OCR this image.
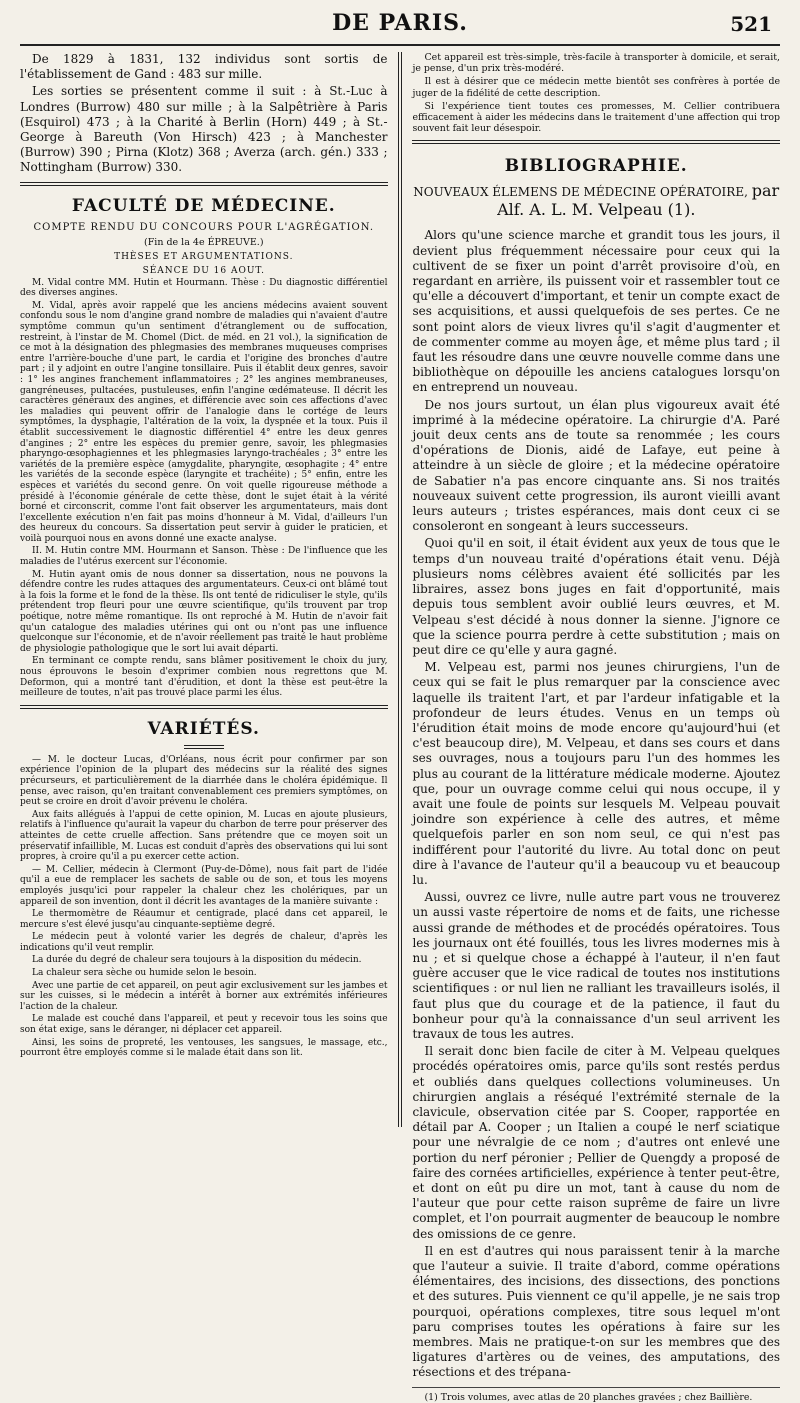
DE PARIS.	521

De 1829 à 1831, 132 individus sont sortis de l'établissement de Gand : 483 sur mille.

Les sorties se présentent comme il suit : à St.-Luc à Londres (Burrow) 480 sur mille ; à la Salpêtrière à Paris (Esquirol) 473 ; à la Charité à Berlin (Horn) 449 ; à St.-George à Bareuth (Von Hirsch) 423 ; à Manchester (Burrow) 390 ; Pirna (Klotz) 368 ; Averza (arch. gén.) 333 ; Nottingham (Burrow) 330.

FACULTÉ DE MÉDECINE.
COMPTE RENDU DU CONCOURS POUR L'AGRÉGATION.
(Fin de la 4e ÉPREUVE.)
THÈSES ET ARGUMENTATIONS.
SÉANCE DU 16 AOUT.

M. Vidal contre MM. Hutin et Hourmann. Thèse : Du diagnostic différentiel des diverses angines.

M. Vidal, après avoir rappelé que les anciens médecins avaient souvent confondu sous le nom d'angine grand nombre de maladies qui n'avaient d'autre symptôme commun qu'un sentiment d'étranglement ou de suffocation, restreint, à l'instar de M. Chomel (Dict. de méd. en 21 vol.), la signification de ce mot à la désignation des phlegmasies des membranes muqueuses comprises entre l'arrière-bouche d'une part, le cardia et l'origine des bronches d'autre part ; il y adjoint en outre l'angine tonsillaire. Puis il établit deux genres, savoir : 1° les angines franchement inflammatoires ; 2° les angines membraneuses, gangréneuses, pultacées, pustuleuses, enfin l'angine œdémateuse. Il décrit les caractères généraux des angines, et différencie avec soin ces affections d'avec les maladies qui peuvent offrir de l'analogie dans le cortége de leurs symptômes, la dysphagie, l'altération de la voix, la dyspnée et la toux. Puis il établit successivement le diagnostic différentiel 4° entre les deux genres d'angines ; 2° entre les espèces du premier genre, savoir, les phlegmasies pharyngo-œsophagiennes et les phlegmasies laryngo-trachéales ; 3° entre les variétés de la première espèce (amygdalite, pharyngite, œsophagite ; 4° entre les variétés de la seconde espèce (laryngite et trachéite) ; 5° enfin, entre les espèces et variétés du second genre. On voit quelle rigoureuse méthode a présidé à l'économie générale de cette thèse, dont le sujet était à la vérité borné et circonscrit, comme l'ont fait observer les argumentateurs, mais dont l'excellente exécution n'en fait pas moins d'honneur à M. Vidal, d'ailleurs l'un des heureux du concours. Sa dissertation peut servir à guider le praticien, et voilà pourquoi nous en avons donné une exacte analyse.

II. M. Hutin contre MM. Hourmann et Sanson. Thèse : De l'influence que les maladies de l'utérus exercent sur l'économie.

M. Hutin ayant omis de nous donner sa dissertation, nous ne pouvons la défendre contre les rudes attaques des argumentateurs. Ceux-ci ont blâmé tout à la fois la forme et le fond de la thèse. Ils ont tenté de ridiculiser le style, qu'ils prétendent trop fleuri pour une œuvre scientifique, qu'ils trouvent par trop poétique, notre même romantique. Ils ont reproché à M. Hutin de n'avoir fait qu'un catalogue des maladies utérines qui ont ou n'ont pas une influence quelconque sur l'économie, et de n'avoir réellement pas traité le haut problème de physiologie pathologique que le sort lui avait départi.

En terminant ce compte rendu, sans blâmer positivement le choix du jury, nous éprouvons le besoin d'exprimer combien nous regrettons que M. Deformon, qui a montré tant d'érudition, et dont la thèse est peut-être la meilleure de toutes, n'ait pas trouvé place parmi les élus.

VARIÉTÉS.

— M. le docteur Lucas, d'Orléans, nous écrit pour confirmer par son expérience l'opinion de la plupart des médecins sur la réalité des signes précurseurs, et particulièrement de la diarrhée dans le choléra épidémique. Il pense, avec raison, qu'en traitant convenablement ces premiers symptômes, on peut se croire en droit d'avoir prévenu le choléra.

Aux faits allégués à l'appui de cette opinion, M. Lucas en ajoute plusieurs, relatifs à l'influence qu'aurait la vapeur du charbon de terre pour préserver des atteintes de cette cruelle affection. Sans prétendre que ce moyen soit un préservatif infaillible, M. Lucas est conduit d'après des observations qui lui sont propres, à croire qu'il a pu exercer cette action.

— M. Cellier, médecin à Clermont (Puy-de-Dôme), nous fait part de l'idée qu'il a eue de remplacer les sachets de sable ou de son, et tous les moyens employés jusqu'ici pour rappeler la chaleur chez les cholériques, par un appareil de son invention, dont il décrit les avantages de la manière suivante :

Le thermomètre de Réaumur et centigrade, placé dans cet appareil, le mercure s'est élevé jusqu'au cinquante-septième degré.

Le médecin peut à volonté varier les degrés de chaleur, d'après les indications qu'il veut remplir.

La durée du degré de chaleur sera toujours à la disposition du médecin.

La chaleur sera sèche ou humide selon le besoin.

Avec une partie de cet appareil, on peut agir exclusivement sur les jambes et sur les cuisses, si le médecin a intérêt à borner aux extrémités inférieures l'action de la chaleur.

Le malade est couché dans l'appareil, et peut y recevoir tous les soins que son état exige, sans le déranger, ni déplacer cet appareil.

Ainsi, les soins de propreté, les ventouses, les sangsues, le massage, etc., pourront être employés comme si le malade était dans son lit.

Cet appareil est très-simple, très-facile à transporter à domicile, et serait, je pense, d'un prix très-modéré.

Il est à désirer que ce médecin mette bientôt ses confrères à portée de juger de la fidélité de cette description.

Si l'expérience tient toutes ces promesses, M. Cellier contribuera efficacement à aider les médecins dans le traitement d'une affection qui trop souvent fait leur désespoir.

BIBLIOGRAPHIE.
NOUVEAUX ÉLEMENS DE MÉDECINE OPÉRATOIRE, par Alf. A. L. M. Velpeau (1).

Alors qu'une science marche et grandit tous les jours, il devient plus fréquemment nécessaire pour ceux qui la cultivent de se fixer un point d'arrêt provisoire d'où, en regardant en arrière, ils puissent voir et rassembler tout ce qu'elle a découvert d'important, et tenir un compte exact de ses acquisitions, et aussi quelquefois de ses pertes. Ce ne sont point alors de vieux livres qu'il s'agit d'augmenter et de commenter comme au moyen âge, et même plus tard ; il faut les résoudre dans une œuvre nouvelle comme dans une bibliothèque on dépouille les anciens catalogues lorsqu'on en entreprend un nouveau.

De nos jours surtout, un élan plus vigoureux avait été imprimé à la médecine opératoire. La chirurgie d'A. Paré jouit deux cents ans de toute sa renommée ; les cours d'opérations de Dionis, aidé de Lafaye, eut peine à atteindre à un siècle de gloire ; et la médecine opératoire de Sabatier n'a pas encore cinquante ans. Si nos traités nouveaux suivent cette progression, ils auront vieilli avant leurs auteurs ; tristes espérances, mais dont ceux ci se consoleront en songeant à leurs successeurs.

Quoi qu'il en soit, il était évident aux yeux de tous que le temps d'un nouveau traité d'opérations était venu. Déjà plusieurs noms célèbres avaient été sollicités par les libraires, assez bons juges en fait d'opportunité, mais depuis tous semblent avoir oublié leurs œuvres, et M. Velpeau s'est décidé à nous donner la sienne. J'ignore ce que la science pourra perdre à cette substitution ; mais on peut dire ce qu'elle y aura gagné.

M. Velpeau est, parmi nos jeunes chirurgiens, l'un de ceux qui se fait le plus remarquer par la conscience avec laquelle ils traitent l'art, et par l'ardeur infatigable et la profondeur de leurs études. Venus en un temps où l'érudition était moins de mode encore qu'aujourd'hui (et c'est beaucoup dire), M. Velpeau, et dans ses cours et dans ses ouvrages, nous a toujours paru l'un des hommes les plus au courant de la littérature médicale moderne. Ajoutez que, pour un ouvrage comme celui qui nous occupe, il y avait une foule de points sur lesquels M. Velpeau pouvait joindre son expérience à celle des autres, et même quelquefois parler en son nom seul, ce qui n'est pas indifférent pour l'autorité du livre. Au total donc on peut dire à l'avance de l'auteur qu'il a beaucoup vu et beaucoup lu.

Aussi, ouvrez ce livre, nulle autre part vous ne trouverez un aussi vaste répertoire de noms et de faits, une richesse aussi grande de méthodes et de procédés opératoires. Tous les journaux ont été fouillés, tous les livres modernes mis à nu ; et si quelque chose a échappé à l'auteur, il n'en faut guère accuser que le vice radical de toutes nos institutions scientifiques : or nul lien ne ralliant les travailleurs isolés, il faut plus que du courage et de la patience, il faut du bonheur pour qu'à la connaissance d'un seul arrivent les travaux de tous les autres.

Il serait donc bien facile de citer à M. Velpeau quelques procédés opératoires omis, parce qu'ils sont restés perdus et oubliés dans quelques collections volumineuses. Un chirurgien anglais a réséqué l'extrémité sternale de la clavicule, observation citée par S. Cooper, rapportée en détail par A. Cooper ; un Italien a coupé le nerf sciatique pour une névralgie de ce nom ; d'autres ont enlevé une portion du nerf péronier ; Pellier de Quengdy a proposé de faire des cornées artificielles, expérience à tenter peut-être, et dont on eût pu dire un mot, tant à cause du nom de l'auteur que pour cette raison suprême de faire un livre complet, et l'on pourrait augmenter de beaucoup le nombre des omissions de ce genre.

Il en est d'autres qui nous paraissent tenir à la marche que l'auteur a suivie. Il traite d'abord, comme opérations élémentaires, des incisions, des dissections, des ponctions et des sutures. Puis viennent ce qu'il appelle, je ne sais trop pourquoi, opérations complexes, titre sous lequel m'ont paru comprises toutes les opérations à faire sur les membres. Mais ne pratique-t-on sur les membres que des ligatures d'artères ou de veines, des amputations, des résections et des trépana-

(1) Trois volumes, avec atlas de 20 planches gravées ; chez Baillière.
